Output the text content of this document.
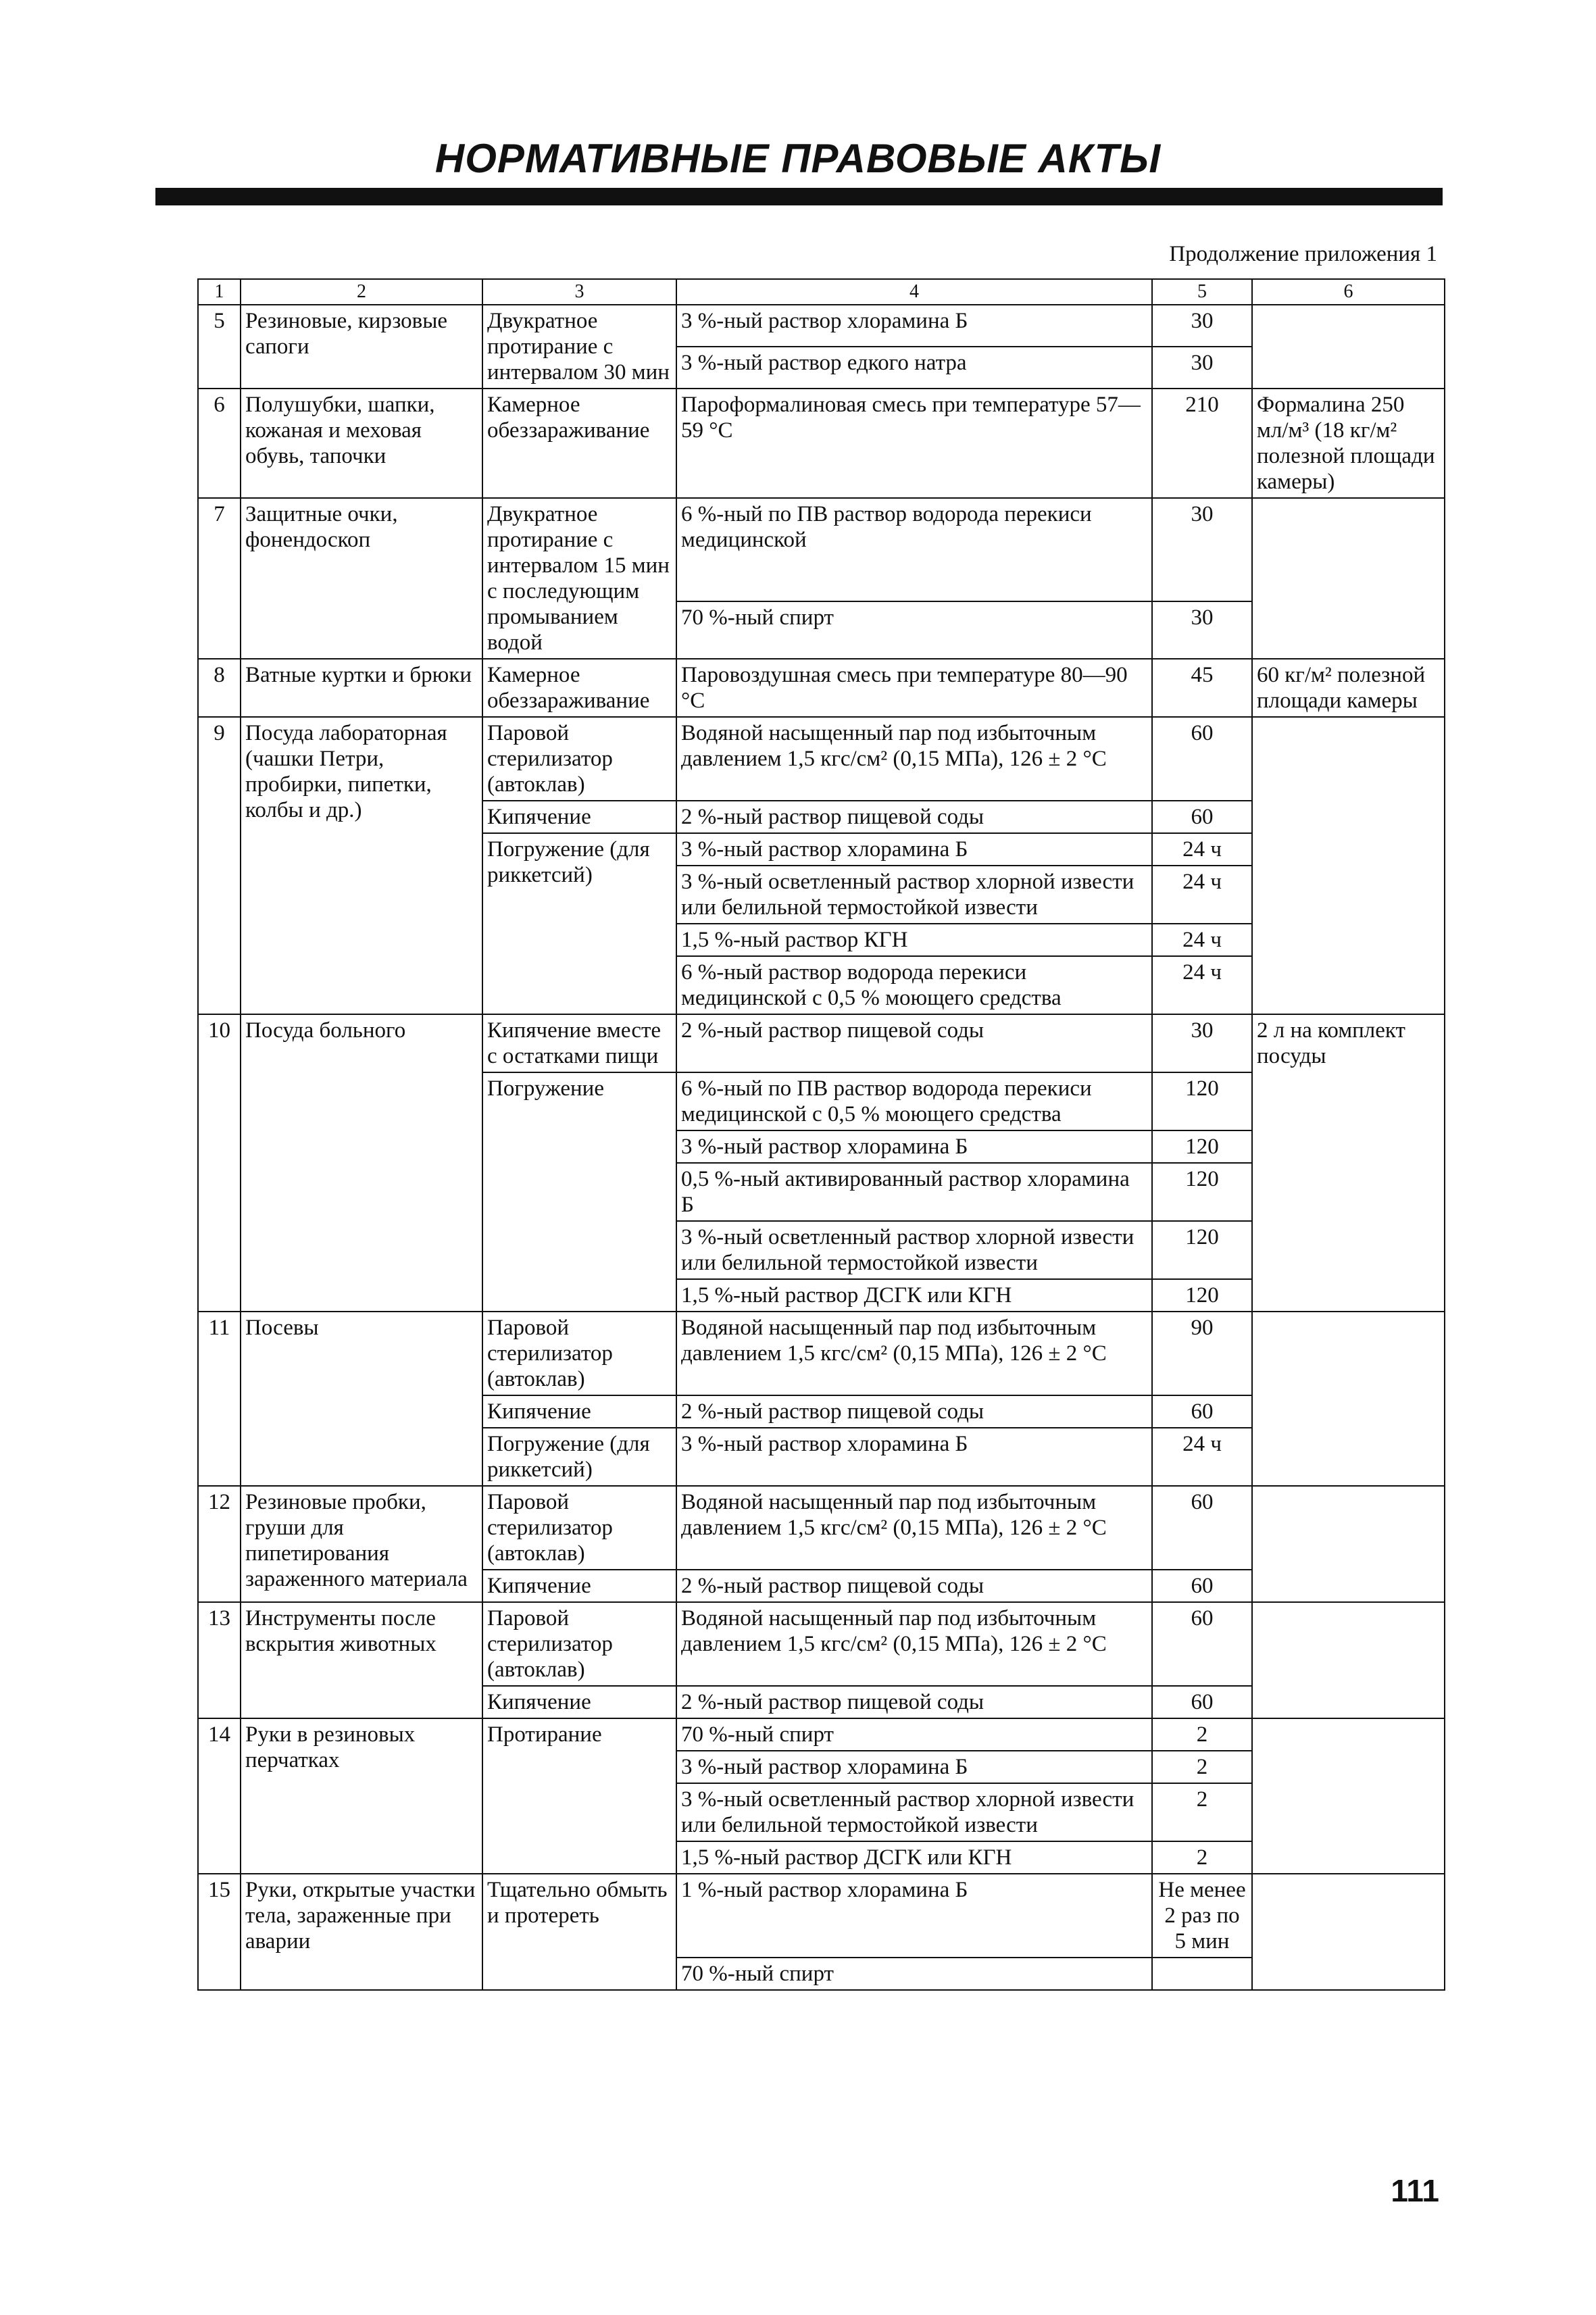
НОРМАТИВНЫЕ ПРАВОВЫЕ АКТЫ
Продолжение приложения 1
1	2	3	4	5	6
5	Резиновые, кирзовые сапоги	Двукратное протирание с интервалом 30 мин	3 %-ный раствор хлорамина Б	30	
			3 %-ный раствор едкого натра	30	
6	Полушубки, шапки, кожаная и меховая обувь, тапочки	Камерное обеззараживание	Пароформалиновая смесь при температуре 57—59 °С	210	Формалина 250 мл/м³ (18 кг/м² полезной площади камеры)
7	Защитные очки, фонендоскоп	Двукратное протирание с интервалом 15 мин с последующим промыванием водой	6 %-ный по ПВ раствор водорода перекиси медицинской	30	
			70 %-ный спирт	30	
8	Ватные куртки и брюки	Камерное обеззараживание	Паровоздушная смесь при температуре 80—90 °С	45	60 кг/м² полезной площади камеры
9	Посуда лабораторная (чашки Петри, пробирки, пипетки, колбы и др.)	Паровой стерилизатор (автоклав)	Водяной насыщенный пар под избыточным давлением 1,5 кгс/см² (0,15 МПа), 126 ± 2 °С	60	
		Кипячение	2 %-ный раствор пищевой соды	60	
		Погружение (для риккетсий)	3 %-ный раствор хлорамина Б	24 ч	
			3 %-ный осветленный раствор хлорной извести или белильной термостойкой извести	24 ч	
			1,5 %-ный раствор КГН	24 ч	
			6 %-ный раствор водорода перекиси медицинской с 0,5 % моющего средства	24 ч	
10	Посуда больного	Кипячение вместе с остатками пищи	2 %-ный раствор пищевой соды	30	2 л на комплект посуды
		Погружение	6 %-ный по ПВ раствор водорода перекиси медицинской с 0,5 % моющего средства	120	
			3 %-ный раствор хлорамина Б	120	
			0,5 %-ный активированный раствор хлорамина Б	120	
			3 %-ный осветленный раствор хлорной извести или белильной термостойкой извести	120	
			1,5 %-ный раствор ДСГК или КГН	120	
11	Посевы	Паровой стерилизатор (автоклав)	Водяной насыщенный пар под избыточным давлением 1,5 кгс/см² (0,15 МПа), 126 ± 2 °С	90	
		Кипячение	2 %-ный раствор пищевой соды	60	
		Погружение (для риккетсий)	3 %-ный раствор хлорамина Б	24 ч	
12	Резиновые пробки, груши для пипетирования зараженного материала	Паровой стерилизатор (автоклав)	Водяной насыщенный пар под избыточным давлением 1,5 кгс/см² (0,15 МПа), 126 ± 2 °С	60	
		Кипячение	2 %-ный раствор пищевой соды	60	
13	Инструменты после вскрытия животных	Паровой стерилизатор (автоклав)	Водяной насыщенный пар под избыточным давлением 1,5 кгс/см² (0,15 МПа), 126 ± 2 °С	60	
		Кипячение	2 %-ный раствор пищевой соды	60	
14	Руки в резиновых перчатках	Протирание	70 %-ный спирт	2	
			3 %-ный раствор хлорамина Б	2	
			3 %-ный осветленный раствор хлорной извести или белильной термостойкой извести	2	
			1,5 %-ный раствор ДСГК или КГН	2	
15	Руки, открытые участки тела, зараженные при аварии	Тщательно обмыть и протереть	1 %-ный раствор хлорамина Б	Не менее 2 раз по 5 мин	
			70 %-ный спирт		
111
